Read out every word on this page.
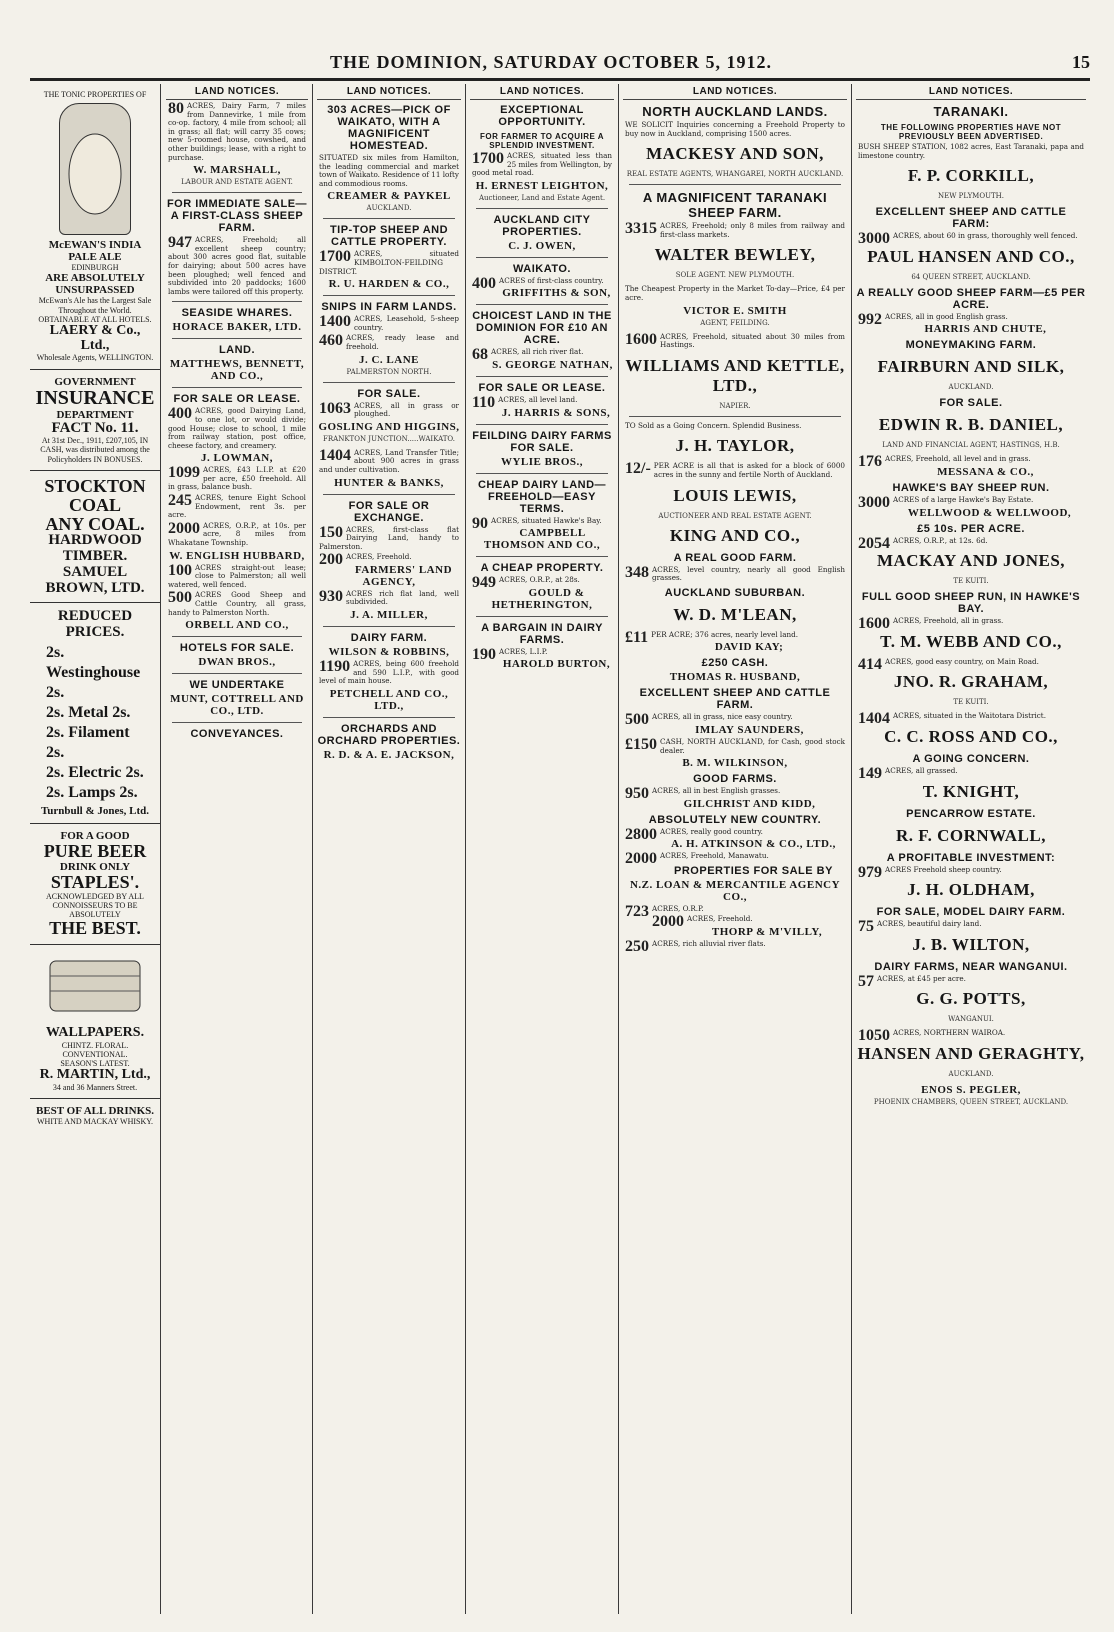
THE DOMINION, SATURDAY OCTOBER 5, 1912.	15
THE TONIC PROPERTIES OF
McEWAN'S INDIA PALE ALE
EDINBURGH
ARE ABSOLUTELY UNSURPASSED
McEwan's Ale has the Largest Sale Throughout the World.
OBTAINABLE AT ALL HOTELS.
LAERY & Co., Ltd.,
Wholesale Agents, WELLINGTON.
GOVERNMENT
INSURANCE
DEPARTMENT
FACT No. 11.
At 31st Dec., 1911, £207,105, IN CASH, was distributed among the Policyholders IN BONUSES.
STOCKTON COAL
ANY COAL.
HARDWOOD TIMBER.
SAMUEL BROWN, LTD.
REDUCED PRICES.
2s. Westinghouse 2s.
2s. Metal 2s.
2s. Filament 2s.
2s. Electric 2s.
2s. Lamps 2s.
Turnbull & Jones, Ltd.
FOR A GOOD
PURE BEER
DRINK ONLY
STAPLES'.
ACKNOWLEDGED BY ALL CONNOISSEURS TO BE ABSOLUTELY
THE BEST.
WALLPAPERS.
CHINTZ. FLORAL. CONVENTIONAL.
SEASON'S LATEST.
R. MARTIN, Ltd.,
34 and 36 Manners Street.
BEST OF ALL DRINKS.
WHITE AND MACKAY WHISKY.
LAND NOTICES.
80 ACRES, Dairy Farm, 7 miles from Dannevirke, 1 mile from co-op. factory, 4 mile from school; all in grass; all flat; will carry 35 cows; new 5-roomed house, cowshed, and other buildings; lease, with a right to purchase.
W. MARSHALL,
LABOUR AND ESTATE AGENT.
FOR IMMEDIATE SALE—A FIRST-CLASS SHEEP FARM.
947 ACRES, Freehold; all excellent sheep country; about 300 acres good flat, suitable for dairying; about 500 acres have been ploughed; well fenced and subdivided into 20 paddocks; 1600 lambs were tailored off this property.
SEASIDE WHARES.
HORACE BAKER, LTD.
LAND.
MATTHEWS, BENNETT, AND CO.,
FOR SALE OR LEASE.
400 ACRES, good Dairying Land, to one lot, or would divide; good House; close to school, 1 mile from railway station, post office, cheese factory, and creamery.
J. LOWMAN,
1099 ACRES, £43 L.I.P. at £20 per acre, £50 freehold. All in grass, balance bush.
245 ACRES, tenure Eight School Endowment, rent 3s. per acre.
2000 ACRES, O.R.P., at 10s. per acre, 8 miles from Whakatane Township.
W. ENGLISH HUBBARD,
100 ACRES straight-out lease; close to Palmerston; all well watered, well fenced.
500 ACRES Good Sheep and Cattle Country, all grass, handy to Palmerston North.
ORBELL AND CO.,
HOTELS FOR SALE.
DWAN BROS.,
WE UNDERTAKE
MUNT, COTTRELL AND CO., LTD.
CONVEYANCES.
LAND NOTICES.
303 ACRES—PICK OF WAIKATO, WITH A MAGNIFICENT HOMESTEAD.
SITUATED six miles from Hamilton, the leading commercial and market town of Waikato. Residence of 11 lofty and commodious rooms.
CREAMER & PAYKEL
AUCKLAND.
TIP-TOP SHEEP AND CATTLE PROPERTY.
1700 ACRES, situated KIMBOLTON-FEILDING DISTRICT.
R. U. HARDEN & CO.,
SNIPS IN FARM LANDS.
1400 ACRES, Leasehold, 5-sheep country.
460 ACRES, ready lease and freehold.
J. C. LANE
PALMERSTON NORTH.
FOR SALE.
1063 ACRES, all in grass or ploughed.
GOSLING AND HIGGINS,
FRANKTON JUNCTION.....WAIKATO.
1404 ACRES, Land Transfer Title; about 900 acres in grass and under cultivation.
HUNTER & BANKS,
FOR SALE OR EXCHANGE.
150 ACRES, first-class flat Dairying Land, handy to Palmerston.
200 ACRES, Freehold.
FARMERS' LAND AGENCY,
930 ACRES rich flat land, well subdivided.
J. A. MILLER,
DAIRY FARM.
WILSON & ROBBINS,
1190 ACRES, being 600 freehold and 590 L.I.P., with good level of main house.
PETCHELL AND CO., LTD.,
ORCHARDS AND ORCHARD PROPERTIES.
R. D. & A. E. JACKSON,
LAND NOTICES.
EXCEPTIONAL OPPORTUNITY.
FOR FARMER TO ACQUIRE A SPLENDID INVESTMENT.
1700 ACRES, situated less than 25 miles from Wellington, by good metal road.
H. ERNEST LEIGHTON,
Auctioneer, Land and Estate Agent.
AUCKLAND CITY PROPERTIES.
C. J. OWEN,
WAIKATO.
400 ACRES of first-class country.
GRIFFITHS & SON,
CHOICEST LAND IN THE DOMINION FOR £10 AN ACRE.
68 ACRES, all rich river flat.
S. GEORGE NATHAN,
FOR SALE OR LEASE.
110 ACRES, all level land.
J. HARRIS & SONS,
FEILDING DAIRY FARMS FOR SALE.
WYLIE BROS.,
CHEAP DAIRY LAND—FREEHOLD—EASY TERMS.
90 ACRES, situated Hawke's Bay.
CAMPBELL THOMSON AND CO.,
A CHEAP PROPERTY.
949 ACRES, O.R.P., at 28s.
GOULD & HETHERINGTON,
A BARGAIN IN DAIRY FARMS.
190 ACRES, L.I.P.
HAROLD BURTON,
LAND NOTICES.
NORTH AUCKLAND LANDS.
WE SOLICIT Inquiries concerning a Freehold Property to buy now in Auckland, comprising 1500 acres.
MACKESY AND SON,
REAL ESTATE AGENTS, WHANGAREI, NORTH AUCKLAND.
A MAGNIFICENT TARANAKI SHEEP FARM.
3315 ACRES, Freehold; only 8 miles from railway and first-class markets.
WALTER BEWLEY,
SOLE AGENT. NEW PLYMOUTH.
The Cheapest Property in the Market To-day—Price, £4 per acre.
VICTOR E. SMITH
AGENT, FEILDING.
1600 ACRES, Freehold, situated about 30 miles from Hastings.
WILLIAMS AND KETTLE, LTD.,
NAPIER.
TO Sold as a Going Concern. Splendid Business.
J. H. TAYLOR,
12/- PER ACRE is all that is asked for a block of 6000 acres in the sunny and fertile North of Auckland.
LOUIS LEWIS,
AUCTIONEER AND REAL ESTATE AGENT.
KING AND CO.,
A REAL GOOD FARM.
348 ACRES, level country, nearly all good English grasses.
AUCKLAND SUBURBAN.
W. D. M'LEAN,
£11 PER ACRE; 376 acres, nearly level land.
DAVID KAY;
£250 CASH.
THOMAS R. HUSBAND,
EXCELLENT SHEEP AND CATTLE FARM.
500 ACRES, all in grass, nice easy country.
IMLAY SAUNDERS,
£150 CASH, NORTH AUCKLAND, for Cash, good stock dealer.
B. M. WILKINSON,
GOOD FARMS.
950 ACRES, all in best English grasses.
GILCHRIST AND KIDD,
ABSOLUTELY NEW COUNTRY.
2800 ACRES, really good country.
A. H. ATKINSON & CO., LTD.,
2000 ACRES, Freehold, Manawatu.
PROPERTIES FOR SALE BY
N.Z. LOAN & MERCANTILE AGENCY CO.,
723 ACRES, O.R.P.
2000 ACRES, Freehold.
THORP & M'VILLY,
250 ACRES, rich alluvial river flats.
LAND NOTICES.
TARANAKI.
THE FOLLOWING PROPERTIES HAVE NOT PREVIOUSLY BEEN ADVERTISED.
BUSH SHEEP STATION, 1082 acres, East Taranaki, papa and limestone country.
F. P. CORKILL,
NEW PLYMOUTH.
EXCELLENT SHEEP AND CATTLE FARM:
3000 ACRES, about 60 in grass, thoroughly well fenced.
PAUL HANSEN AND CO.,
64 QUEEN STREET, AUCKLAND.
A REALLY GOOD SHEEP FARM—£5 PER ACRE.
992 ACRES, all in good English grass.
HARRIS AND CHUTE,
MONEYMAKING FARM.
FAIRBURN AND SILK,
AUCKLAND.
FOR SALE.
EDWIN R. B. DANIEL,
LAND AND FINANCIAL AGENT, HASTINGS, H.B.
176 ACRES, Freehold, all level and in grass.
MESSANA & CO.,
HAWKE'S BAY SHEEP RUN.
3000 ACRES of a large Hawke's Bay Estate.
WELLWOOD & WELLWOOD,
£5 10s. PER ACRE.
2054 ACRES, O.R.P., at 12s. 6d.
MACKAY AND JONES,
TE KUITI.
FULL GOOD SHEEP RUN, IN HAWKE'S BAY.
1600 ACRES, Freehold, all in grass.
T. M. WEBB AND CO.,
414 ACRES, good easy country, on Main Road.
JNO. R. GRAHAM,
TE KUITI.
1404 ACRES, situated in the Waitotara District.
C. C. ROSS AND CO.,
A GOING CONCERN.
149 ACRES, all grassed.
T. KNIGHT,
PENCARROW ESTATE.
R. F. CORNWALL,
A PROFITABLE INVESTMENT:
979 ACRES Freehold sheep country.
J. H. OLDHAM,
FOR SALE, MODEL DAIRY FARM.
75 ACRES, beautiful dairy land.
J. B. WILTON,
DAIRY FARMS, NEAR WANGANUI.
57 ACRES, at £45 per acre.
G. G. POTTS,
WANGANUI.
1050 ACRES, NORTHERN WAIROA.
HANSEN AND GERAGHTY,
AUCKLAND.
ENOS S. PEGLER,
PHOENIX CHAMBERS, QUEEN STREET, AUCKLAND.
